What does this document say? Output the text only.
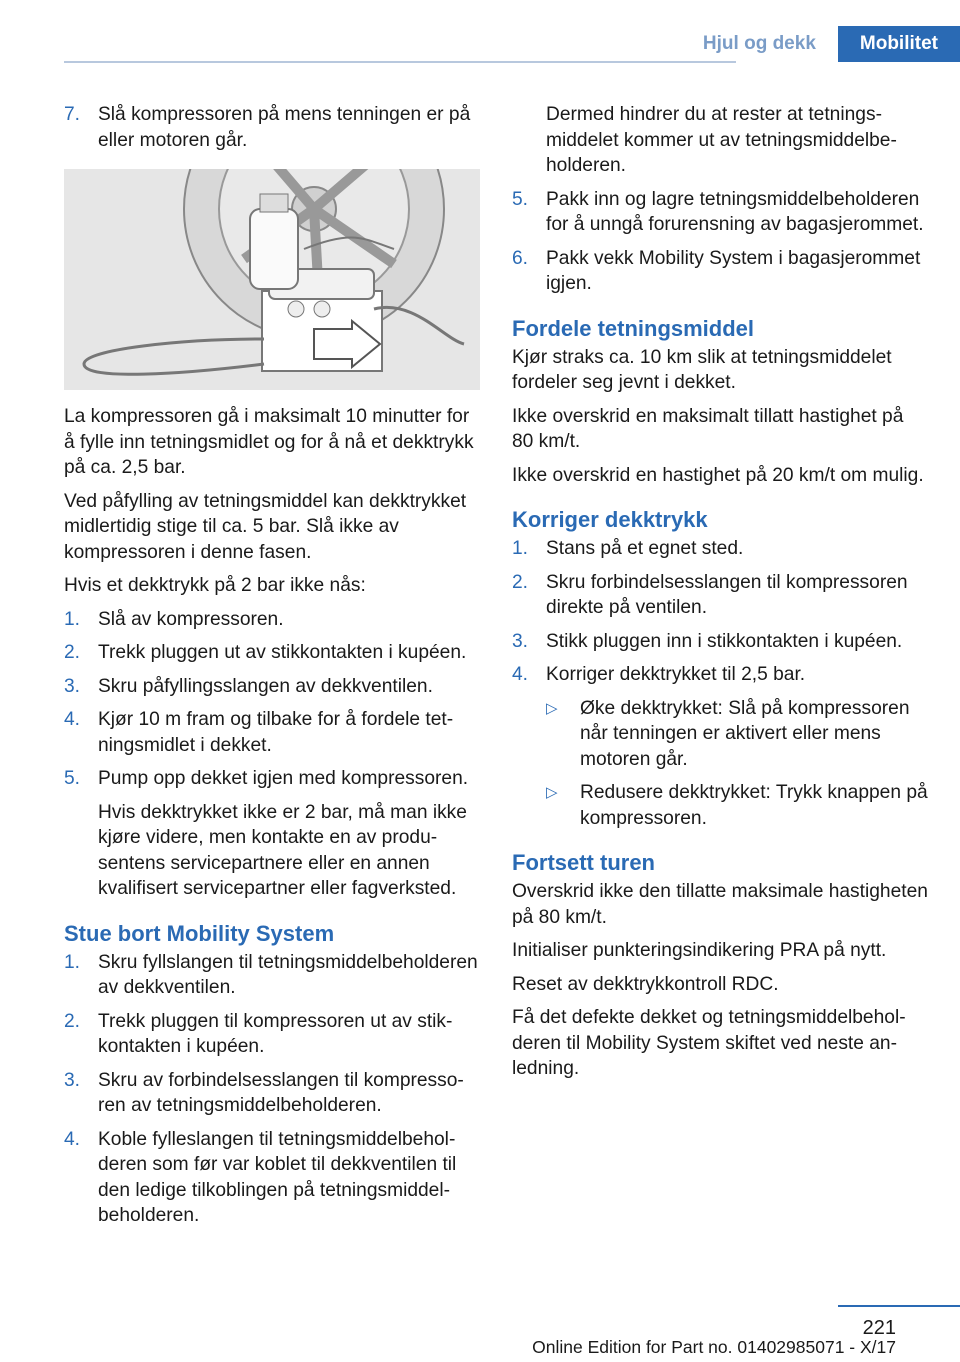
Hjul og dekk	Mobilitet
7. Slå kompressoren på mens tenningen er på eller motoren går.

La kompressoren gå i maksimalt 10 minutter for å fylle inn tetningsmidlet og for å nå et dekktrykk på ca. 2,5 bar.

Ved påfylling av tetningsmiddel kan dekktrykket midlertidig stige til ca. 5 bar. Slå ikke av kompressoren i denne fasen.

Hvis et dekktrykk på 2 bar ikke nås:

1. Slå av kompressoren.
2. Trekk pluggen ut av stikkontakten i kupéen.
3. Skru påfyllingsslangen av dekkventilen.
4. Kjør 10 m fram og tilbake for å fordele tetningsmidlet i dekket.
5. Pump opp dekket igjen med kompressoren.
Hvis dekktrykket ikke er 2 bar, må man ikke kjøre videre, men kontakte en av produsentens servicepartnere eller en annen kvalifisert servicepartner eller fagverksted.
Stue bort Mobility System
1. Skru fyllslangen til tetningsmiddelbeholderen av dekkventilen.
2. Trekk pluggen til kompressoren ut av stikkontakten i kupéen.
3. Skru av forbindelsesslangen til kompressoren av tetningsmiddelbeholderen.
4. Koble fylleslangen til tetningsmiddelbeholderen som før var koblet til dekkventilen til den ledige tilkoblingen på tetningsmiddelbeholderen.
Dermed hindrer du at rester at tetningsmiddelet kommer ut av tetningsmiddelbeholderen.
5. Pakk inn og lagre tetningsmiddelbeholderen for å unngå forurensning av bagasjerommet.
6. Pakk vekk Mobility System i bagasjerommet igjen.
Fordele tetningsmiddel

Kjør straks ca. 10 km slik at tetningsmiddelet fordeler seg jevnt i dekket.

Ikke overskrid en maksimalt tillatt hastighet på 80 km/t.

Ikke overskrid en hastighet på 20 km/t om mulig.

Korriger dekktrykk
1. Stans på et egnet sted.
2. Skru forbindelsesslangen til kompressoren direkte på ventilen.
3. Stikk pluggen inn i stikkontakten i kupéen.
4. Korriger dekktrykket til 2,5 bar.
▷ Øke dekktrykket: Slå på kompressoren når tenningen er aktivert eller mens motoren går.
▷ Redusere dekktrykket: Trykk knappen på kompressoren.
Fortsett turen

Overskrid ikke den tillatte maksimale hastigheten på 80 km/t.

Initialiser punkteringsindikering PRA på nytt.

Reset av dekktrykkontroll RDC.

Få det defekte dekket og tetningsmiddelbeholderen til Mobility System skiftet ved neste anledning.

221
Online Edition for Part no. 01402985071 - X/17
